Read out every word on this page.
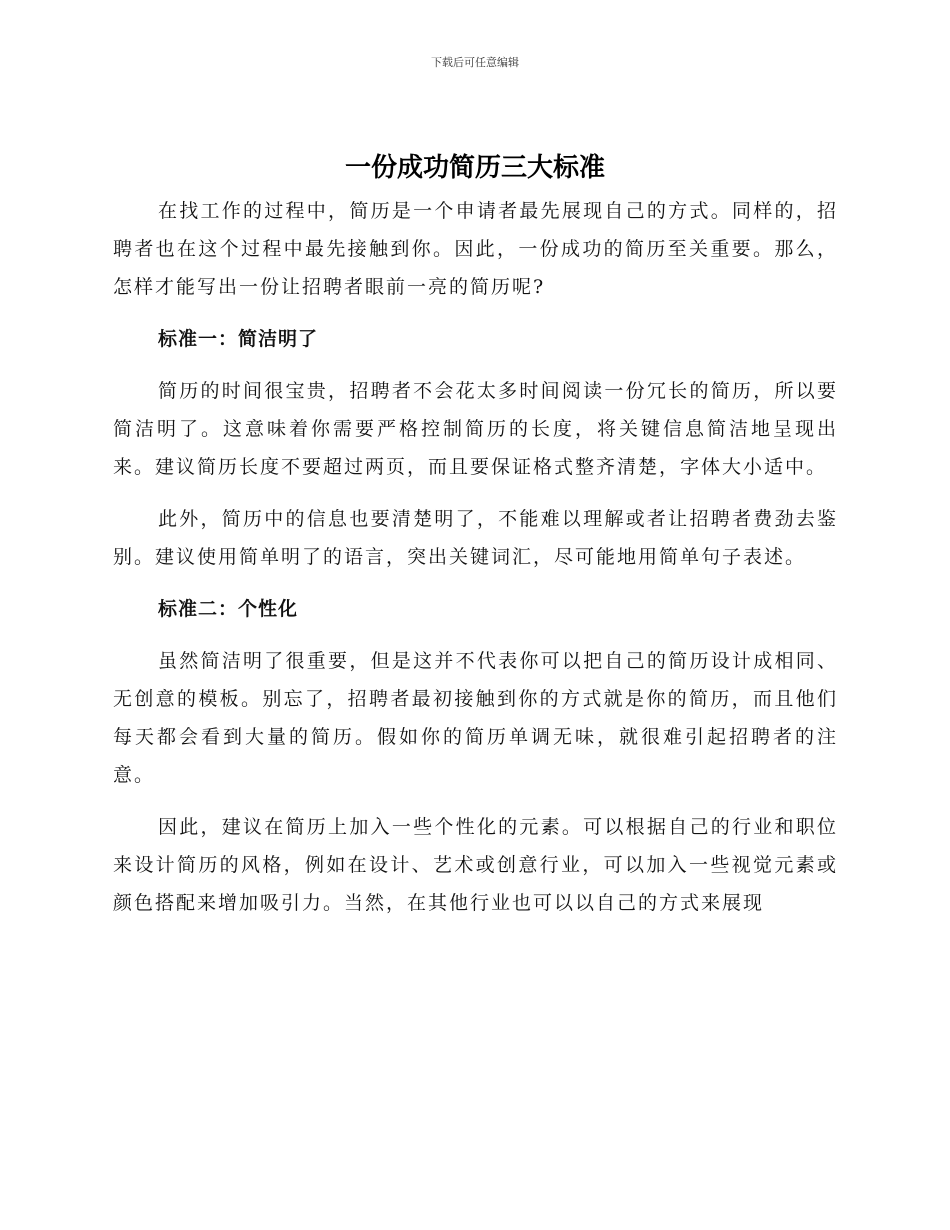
下载后可任意编辑
一份成功简历三大标准

在找工作的过程中，简历是一个申请者最先展现自己的方式。同样的，招聘者也在这个过程中最先接触到你。因此，一份成功的简历至关重要。那么，怎样才能写出一份让招聘者眼前一亮的简历呢?

标准一：简洁明了

简历的时间很宝贵，招聘者不会花太多时间阅读一份冗长的简历，所以要简洁明了。这意味着你需要严格控制简历的长度，将关键信息简洁地呈现出来。建议简历长度不要超过两页，而且要保证格式整齐清楚，字体大小适中。

此外，简历中的信息也要清楚明了，不能难以理解或者让招聘者费劲去鉴别。建议使用简单明了的语言，突出关键词汇，尽可能地用简单句子表述。

标准二：个性化

虽然简洁明了很重要，但是这并不代表你可以把自己的简历设计成相同、无创意的模板。别忘了，招聘者最初接触到你的方式就是你的简历，而且他们每天都会看到大量的简历。假如你的简历单调无味，就很难引起招聘者的注意。

因此，建议在简历上加入一些个性化的元素。可以根据自己的行业和职位来设计简历的风格，例如在设计、艺术或创意行业，可以加入一些视觉元素或颜色搭配来增加吸引力。当然，在其他行业也可以以自己的方式来展现
